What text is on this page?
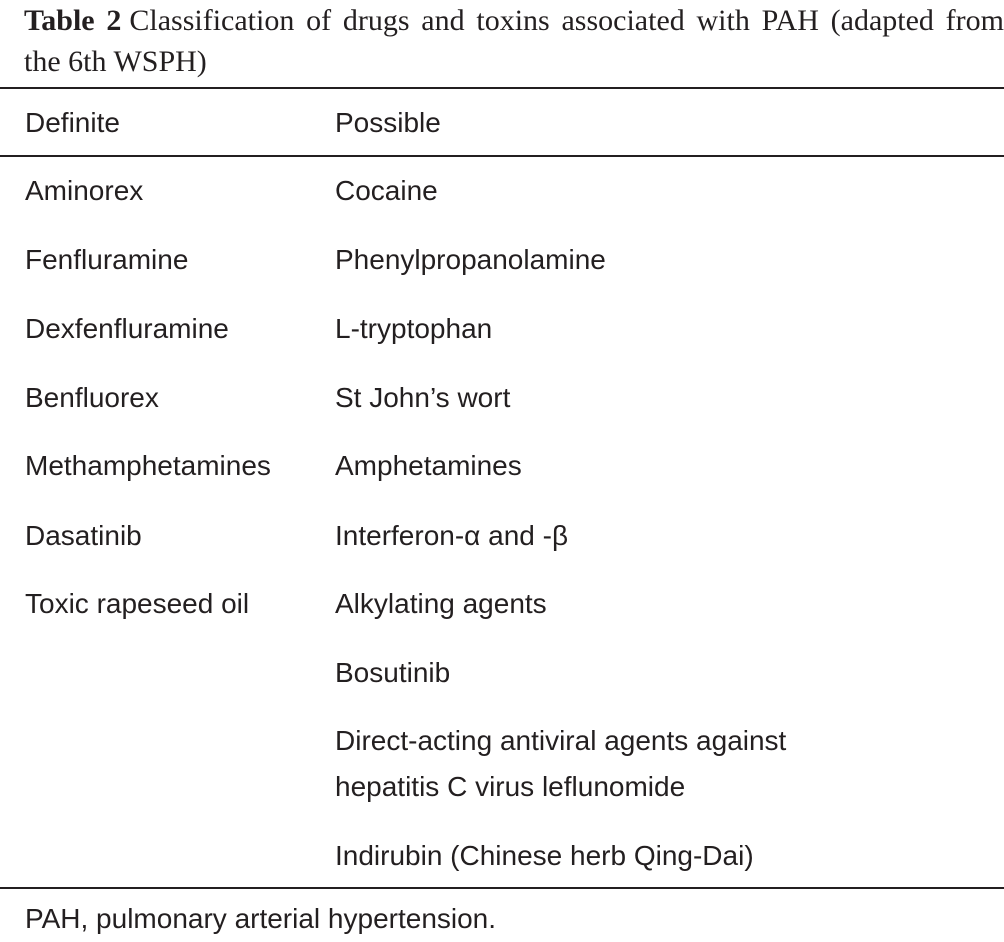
Table 2 Classification of drugs and toxins associated with PAH (adapted from the 6th WSPH)
Definite	Possible
Aminorex
Fenfluramine
Dexfenfluramine
Benfluorex
Methamphetamines
Dasatinib
Toxic rapeseed oil
Cocaine
Phenylpropanolamine
L-tryptophan
St John’s wort
Amphetamines
Interferon-α and -β
Alkylating agents
Bosutinib
Direct-acting antiviral agents against
hepatitis C virus leflunomide
Indirubin (Chinese herb Qing-Dai)
PAH, pulmonary arterial hypertension.
